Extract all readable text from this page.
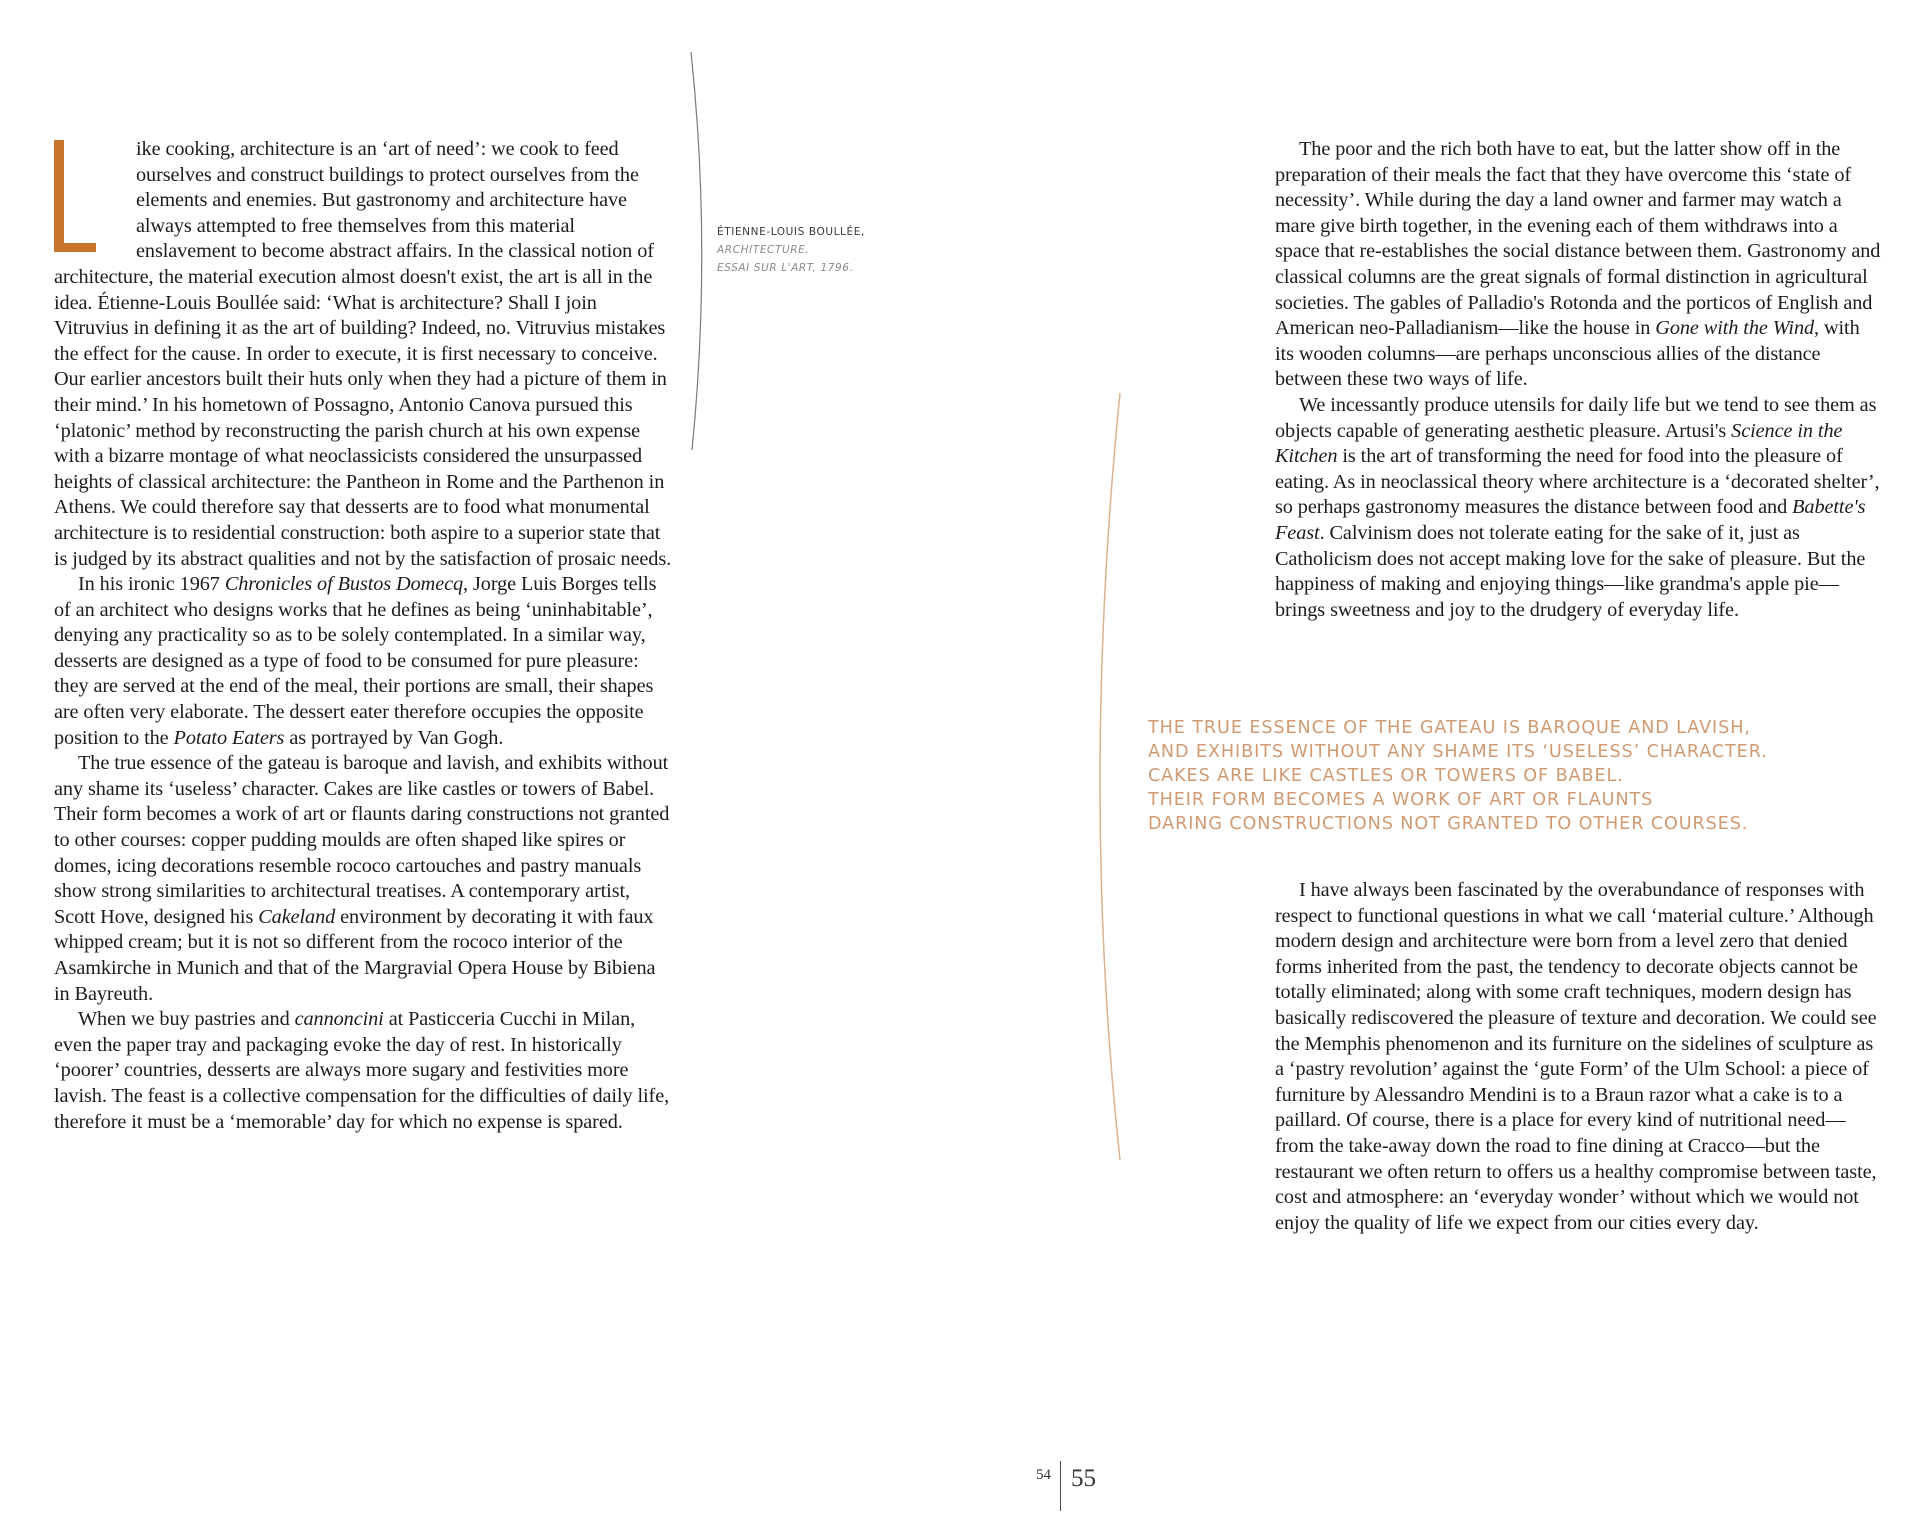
ike cooking, architecture is an ‘art of need’: we cook to feed ourselves and construct buildings to protect ourselves from the elements and enemies. But gastronomy and architecture have always attempted to free themselves from this material enslavement to become abstract affairs. In the classical notion of architecture, the material execution almost doesn't exist, the art is all in the idea. Étienne-Louis Boullée said: ‘What is architecture? Shall I join Vitruvius in defining it as the art of building? Indeed, no. Vitruvius mistakes the effect for the cause. In order to execute, it is first necessary to conceive. Our earlier ancestors built their huts only when they had a picture of them in their mind.’ In his hometown of Possagno, Antonio Canova pursued this ‘platonic’ method by reconstructing the parish church at his own expense with a bizarre montage of what neoclassicists considered the unsurpassed heights of classical architecture: the Pantheon in Rome and the Parthenon in Athens. We could therefore say that desserts are to food what monumental architecture is to residential construction: both aspire to a superior state that is judged by its abstract qualities and not by the satisfaction of prosaic needs.

In his ironic 1967 Chronicles of Bustos Domecq, Jorge Luis Borges tells of an architect who designs works that he defines as being ‘uninhabitable’, denying any practicality so as to be solely contemplated. In a similar way, desserts are designed as a type of food to be consumed for pure pleasure: they are served at the end of the meal, their portions are small, their shapes are often very elaborate. The dessert eater therefore occupies the opposite position to the Potato Eaters as portrayed by Van Gogh.

The true essence of the gateau is baroque and lavish, and exhibits without any shame its ‘useless’ character. Cakes are like castles or towers of Babel. Their form becomes a work of art or flaunts daring constructions not granted to other courses: copper pudding moulds are often shaped like spires or domes, icing decorations resemble rococo cartouches and pastry manuals show strong similarities to architectural treatises. A contemporary artist, Scott Hove, designed his Cakeland environment by decorating it with faux whipped cream; but it is not so different from the rococo interior of the Asamkirche in Munich and that of the Margravial Opera House by Bibiena in Bayreuth.

When we buy pastries and cannoncini at Pasticceria Cucchi in Milan, even the paper tray and packaging evoke the day of rest. In historically ‘poorer’ countries, desserts are always more sugary and festivities more lavish. The feast is a collective compensation for the difficulties of daily life, therefore it must be a ‘memorable’ day for which no expense is spared.

ÉTIENNE-LOUIS BOULLÉE,
ARCHITECTURE.
ESSAI SUR L'ART, 1796.

The poor and the rich both have to eat, but the latter show off in the preparation of their meals the fact that they have overcome this ‘state of necessity’. While during the day a land owner and farmer may watch a mare give birth together, in the evening each of them withdraws into a space that re-establishes the social distance between them. Gastronomy and classical columns are the great signals of formal distinction in agricultural societies. The gables of Palladio's Rotonda and the porticos of English and American neo-Palladianism—like the house in Gone with the Wind, with its wooden columns—are perhaps unconscious allies of the distance between these two ways of life.

We incessantly produce utensils for daily life but we tend to see them as objects capable of generating aesthetic pleasure. Artusi's Science in the Kitchen is the art of transforming the need for food into the pleasure of eating. As in neoclassical theory where architecture is a ‘decorated shelter’, so perhaps gastronomy measures the distance between food and Babette's Feast. Calvinism does not tolerate eating for the sake of it, just as Catholicism does not accept making love for the sake of pleasure. But the happiness of making and enjoying things—like grandma's apple pie—brings sweetness and joy to the drudgery of everyday life.

THE TRUE ESSENCE OF THE GATEAU IS BAROQUE AND LAVISH,
AND EXHIBITS WITHOUT ANY SHAME ITS ‘USELESS’ CHARACTER.
CAKES ARE LIKE CASTLES OR TOWERS OF BABEL.
THEIR FORM BECOMES A WORK OF ART OR FLAUNTS
DARING CONSTRUCTIONS NOT GRANTED TO OTHER COURSES.

I have always been fascinated by the overabundance of responses with respect to functional questions in what we call ‘material culture.’ Although modern design and architecture were born from a level zero that denied forms inherited from the past, the tendency to decorate objects cannot be totally eliminated; along with some craft techniques, modern design has basically rediscovered the pleasure of texture and decoration. We could see the Memphis phenomenon and its furniture on the sidelines of sculpture as a ‘pastry revolution’ against the ‘gute Form’ of the Ulm School: a piece of furniture by Alessandro Mendini is to a Braun razor what a cake is to a paillard. Of course, there is a place for every kind of nutritional need—from the take-away down the road to fine dining at Cracco—but the restaurant we often return to offers us a healthy compromise between taste, cost and atmosphere: an ‘everyday wonder’ without which we would not enjoy the quality of life we expect from our cities every day.

54 55
